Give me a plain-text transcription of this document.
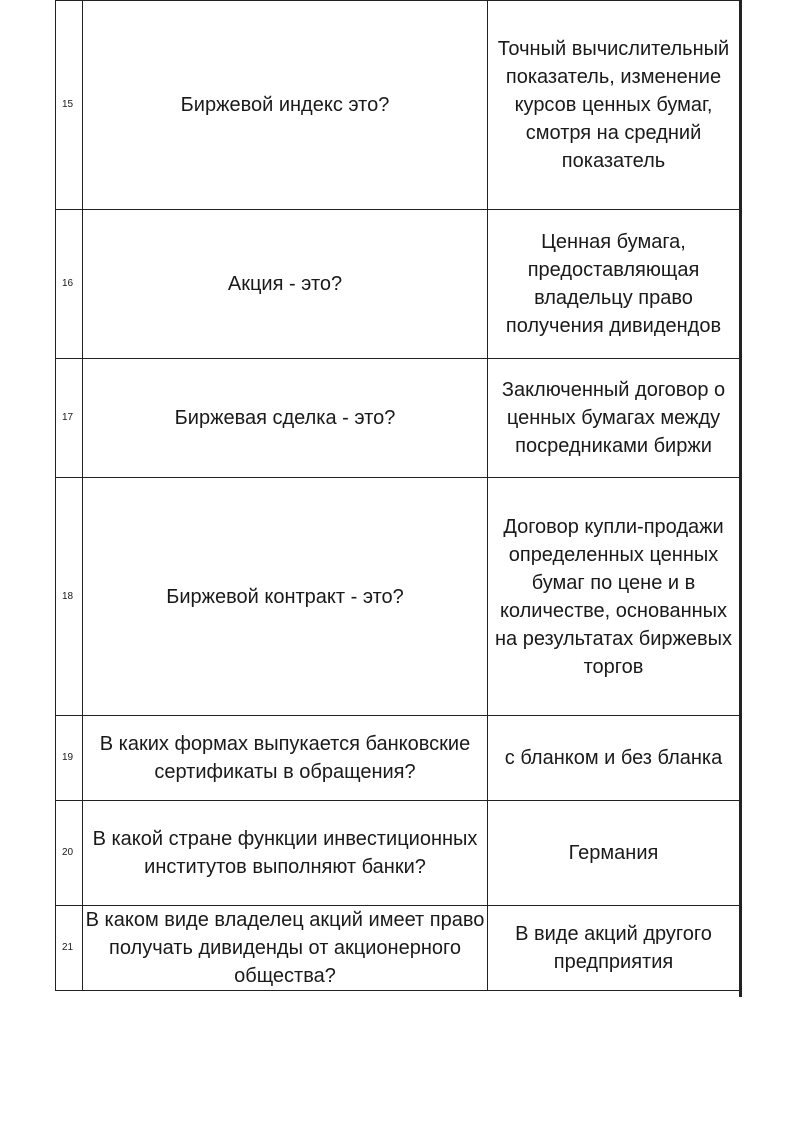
15	Биржевой индекс это?	Точный вычислительный показатель, изменение курсов ценных бумаг, смотря на средний показатель
16	Акция - это?	Ценная бумага, предоставляющая владельцу право получения дивидендов
17	Биржевая сделка - это?	Заключенный договор о ценных бумагах между посредниками биржи
18	Биржевой контракт - это?	Договор купли-продажи определенных ценных бумаг по цене и в количестве, основанных на результатах биржевых торгов
19	В каких формах выпукается банковские сертификаты в обращения?	с бланком и без бланка
20	В какой стране функции инвестиционных институтов выполняют банки?	Германия
21	В каком виде владелец акций имеет право получать дивиденды от акционерного общества?	В виде акций другого предприятия
